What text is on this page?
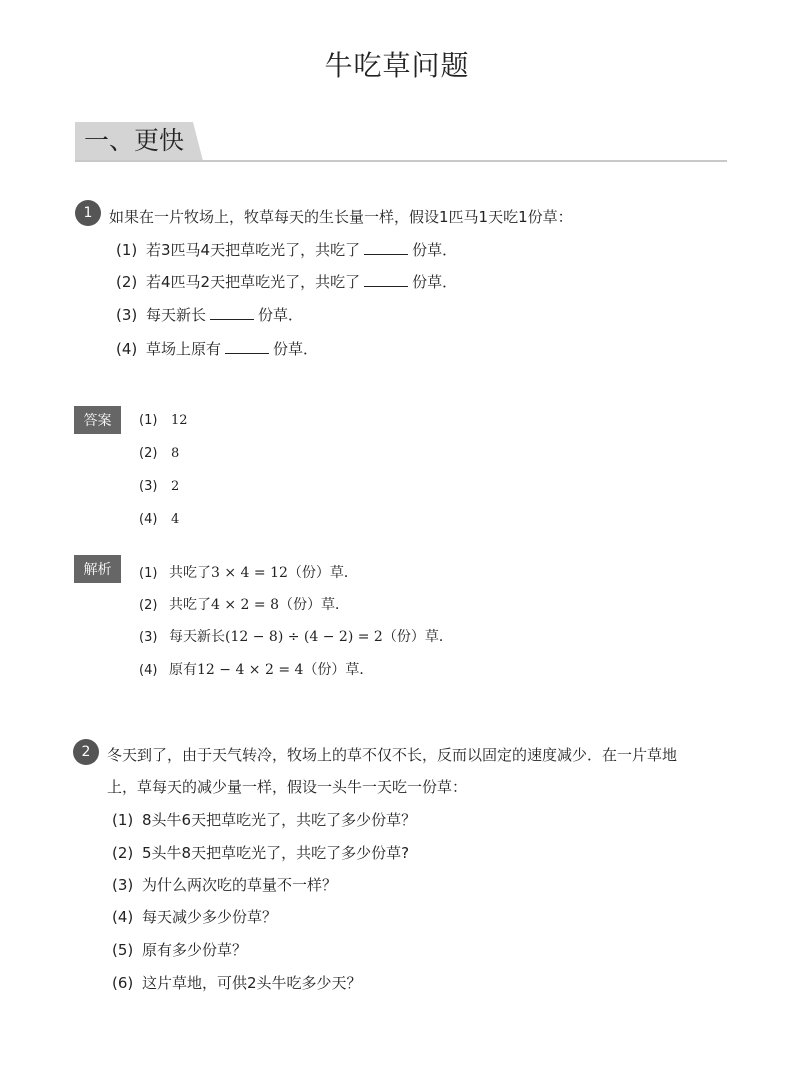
牛吃草问题
一、更快
1	如果在一片牧场上，牧草每天的生长量一样，假设1匹马1天吃1份草：
(1) 若3匹马4天把草吃光了，共吃了	份草．
(2) 若4匹马2天把草吃光了，共吃了	份草．
(3) 每天新长	份草．
(4) 草场上原有	份草．
答案	(1) 12
(2) 8
(3) 2
(4) 4
解析	(1) 共吃了3 × 4 = 12（份）草．
(2) 共吃了4 × 2 = 8（份）草．
(3) 每天新长(12 − 8) ÷ (4 − 2) = 2（份）草．
(4) 原有12 − 4 × 2 = 4（份）草．
2	冬天到了，由于天气转冷，牧场上的草不仅不长，反而以固定的速度减少．在一片草地
上，草每天的减少量一样，假设一头牛一天吃一份草：
(1) 8头牛6天把草吃光了，共吃了多少份草？
(2) 5头牛8天把草吃光了，共吃了多少份草?
(3) 为什么两次吃的草量不一样？
(4) 每天减少多少份草？
(5) 原有多少份草？
(6) 这片草地，可供2头牛吃多少天？
